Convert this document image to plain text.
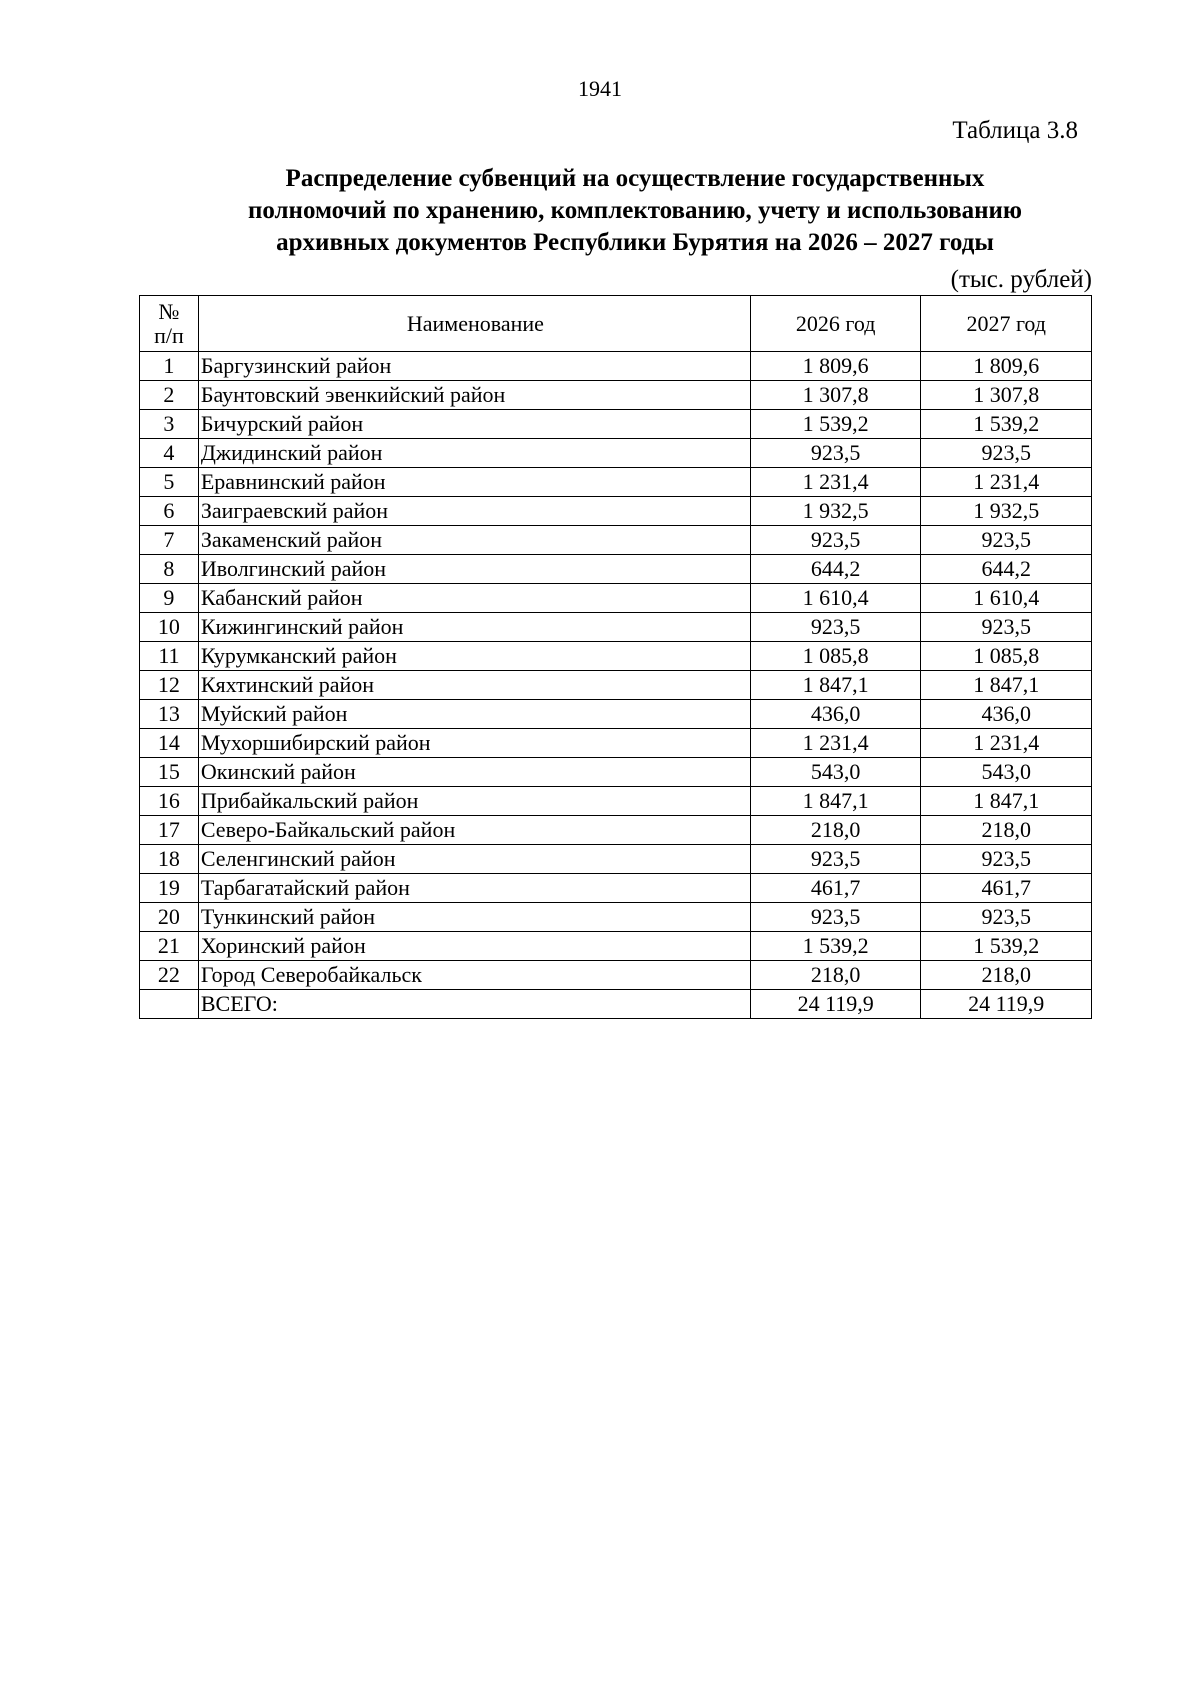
1941
Таблица 3.8
Распределение субвенций на осуществление государственных
полномочий по хранению, комплектованию, учету и использованию
архивных документов Республики Бурятия на 2026 – 2027 годы
(тыс. рублей)
№
п/п	Наименование	2026 год	2027 год
1	Баргузинский район	1 809,6	1 809,6
2	Баунтовский эвенкийский район	1 307,8	1 307,8
3	Бичурский район	1 539,2	1 539,2
4	Джидинский район	923,5	923,5
5	Еравнинский район	1 231,4	1 231,4
6	Заиграевский район	1 932,5	1 932,5
7	Закаменский район	923,5	923,5
8	Иволгинский район	644,2	644,2
9	Кабанский район	1 610,4	1 610,4
10	Кижингинский район	923,5	923,5
11	Курумканский район	1 085,8	1 085,8
12	Кяхтинский район	1 847,1	1 847,1
13	Муйский район	436,0	436,0
14	Мухоршибирский район	1 231,4	1 231,4
15	Окинский район	543,0	543,0
16	Прибайкальский район	1 847,1	1 847,1
17	Северо-Байкальский район	218,0	218,0
18	Селенгинский район	923,5	923,5
19	Тарбагатайский район	461,7	461,7
20	Тункинский район	923,5	923,5
21	Хоринский район	1 539,2	1 539,2
22	Город Северобайкальск	218,0	218,0
	ВСЕГО:	24 119,9	24 119,9
